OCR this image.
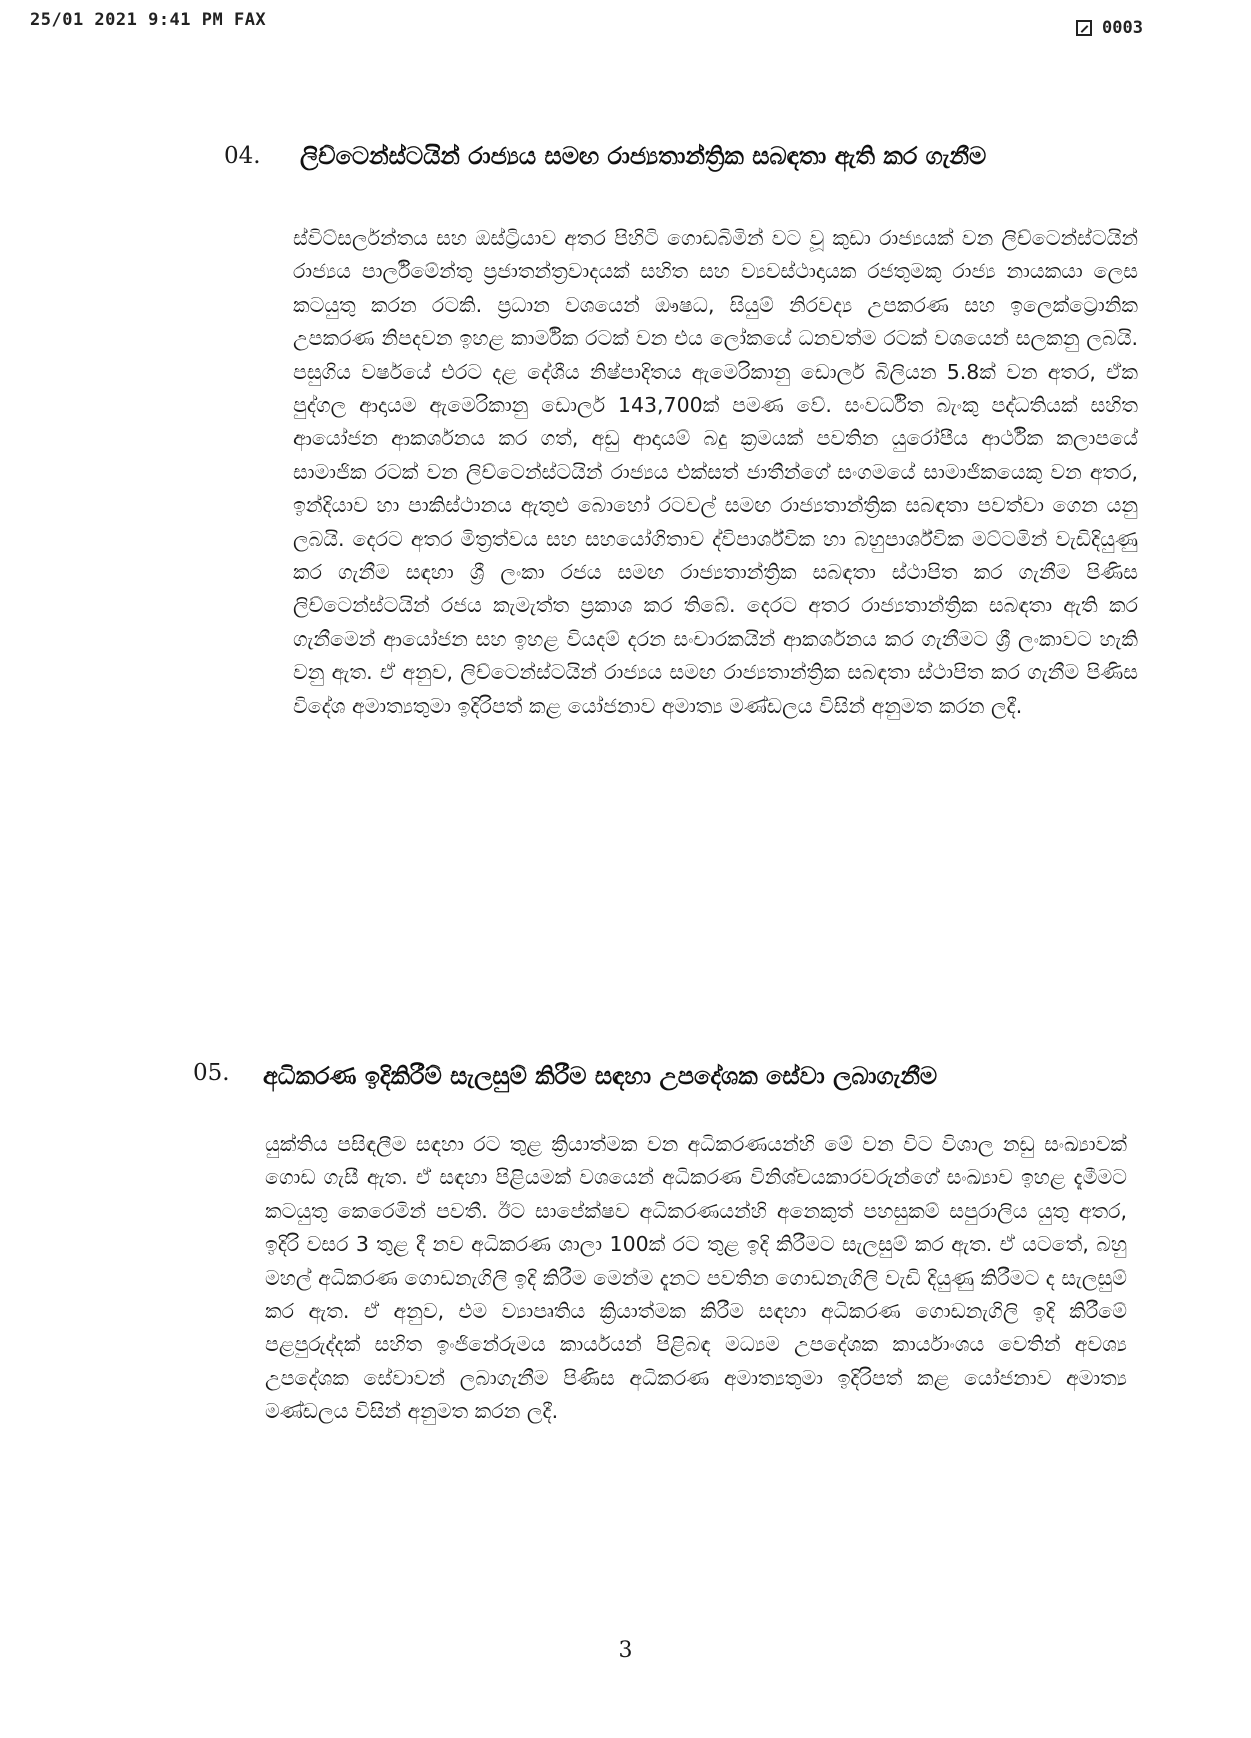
25/01 2021 9:41 PM FAX	0003
04. ලිච්ටෙන්ස්ටයින් රාජ්‍යය සමඟ රාජ්‍යතාන්ත්‍රික සබඳතා ඇති කර ගැනීම
ස්විට්සර්ලන්තය සහ ඔස්ට්‍රියාව අතර පිහිටි ගොඩබිමින් වට වූ කුඩා රාජ්‍යයක් වන ලිච්ටෙන්ස්ටයින් රාජ්‍යය පාර්ලිමේන්තු ප්‍රජාතන්ත්‍රවාදයක් සහිත සහ ව්‍යවස්ථාදායක රජතුමකු රාජ්‍ය නායකයා ලෙස කටයුතු කරන රටකි. ප්‍රධාන වශයෙන් ඖෂධ, සියුම් නිරවද්‍ය උපකරණ සහ ඉලෙක්ට්‍රොනික උපකරණ නිපදවන ඉහළ කාර්මික රටක් වන එය ලෝකයේ ධනවත්ම රටක් වශයෙන් සලකනු ලබයි. පසුගිය වර්ෂයේ එරට දළ දේශීය නිෂ්පාදිතය ඇමෙරිකානු ඩොලර් බිලියන 5.8ක් වන අතර, ඒක පුද්ගල ආදායම ඇමෙරිකානු ඩොලර් 143,700ක් පමණ වේ. සංවර්ධිත බැංකු පද්ධතියක් සහිත ආයෝජන ආකර්ශනය කර ගත්, අඩු ආදායම් බදු ක්‍රමයක් පවතින යුරෝපීය ආර්ථික කලාපයේ සාමාජික රටක් වන ලිච්ටෙන්ස්ටයින් රාජ්‍යය එක්සත් ජාතීන්ගේ සංගමයේ සාමාජිකයෙකු වන අතර, ඉන්දියාව හා පාකිස්ථානය ඇතුළු බොහෝ රටවල් සමඟ රාජ්‍යතාන්ත්‍රික සබඳතා පවත්වා ගෙන යනු ලබයි. දෙරට අතර මිත්‍රත්වය සහ සහයෝගිතාව ද්විපාර්ශ්වික හා බහුපාර්ශ්වික මට්ටමින් වැඩිදියුණු කර ගැනීම සඳහා ශ්‍රී ලංකා රජය සමඟ රාජ්‍යතාන්ත්‍රික සබඳතා ස්ථාපිත කර ගැනීම පිණිස ලිච්ටෙන්ස්ටයින් රජය කැමැත්ත ප්‍රකාශ කර තිබේ. දෙරට අතර රාජ්‍යතාන්ත්‍රික සබඳතා ඇති කර ගැනීමෙන් ආයෝජන සහ ඉහළ වියදම් දරන සංචාරකයින් ආකර්ශනය කර ගැනීමට ශ්‍රී ලංකාවට හැකි වනු ඇත. ඒ අනුව, ලිච්ටෙන්ස්ටයින් රාජ්‍යය සමඟ රාජ්‍යතාන්ත්‍රික සබඳතා ස්ථාපිත කර ගැනීම පිණිස විදේශ අමාත්‍යතුමා ඉදිරිපත් කළ යෝජනාව අමාත්‍ය මණ්ඩලය විසින් අනුමත කරන ලදී.
05. අධිකරණ ඉදිකිරීම් සැලසුම් කිරීම සඳහා උපදේශක සේවා ලබාගැනීම
යුක්තිය පසිඳලීම සඳහා රට තුළ ක්‍රියාත්මක වන අධිකරණයන්හි මේ වන විට විශාල නඩු සංඛ්‍යාවක් ගොඩ ගැසී ඇත. ඒ සඳහා පිළියමක් වශයෙන් අධිකරණ විනිශ්චයකාරවරුන්ගේ සංඛ්‍යාව ඉහළ දැමීමට කටයුතු කෙරෙමින් පවතී. ඊට සාපේක්ෂව අධිකරණයන්හි අනෙකුත් පහසුකම් සපුරාලිය යුතු අතර, ඉදිරි වසර 3 තුළ දී නව අධිකරණ ශාලා 100ක් රට තුළ ඉදි කිරීමට සැලසුම් කර ඇත. ඒ යටතේ, බහු මහල් අධිකරණ ගොඩනැගිලි ඉදි කිරීම මෙන්ම දැනට පවතින ගොඩනැගිලි වැඩි දියුණු කිරීමට ද සැලසුම් කර ඇත. ඒ අනුව, එම ව්‍යාපෘතිය ක්‍රියාත්මක කිරීම සඳහා අධිකරණ ගොඩනැගිලි ඉදි කිරීමේ පළපුරුද්දක් සහිත ඉංජිනේරුමය කාර්යයන් පිළිබඳ මධ්‍යම උපදේශක කාර්යාංශය වෙතින් අවශ්‍ය උපදේශක සේවාවන් ලබාගැනීම පිණිස අධිකරණ අමාත්‍යතුමා ඉදිරිපත් කළ යෝජනාව අමාත්‍ය මණ්ඩලය විසින් අනුමත කරන ලදී.
3
